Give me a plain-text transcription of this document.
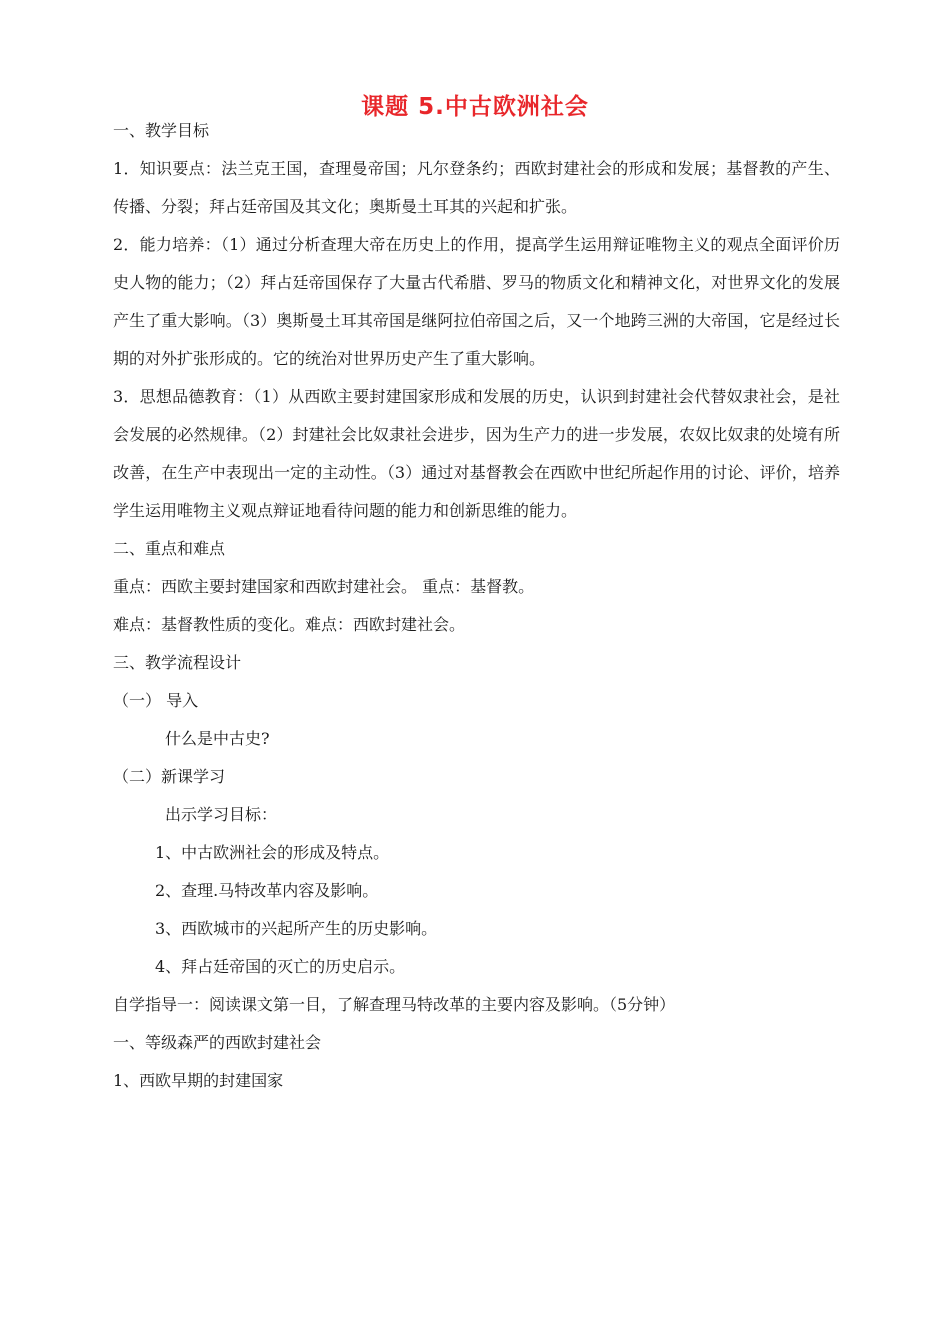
课题 5.中古欧洲社会
一、教学目标

1．知识要点：法兰克王国，查理曼帝国；凡尔登条约；西欧封建社会的形成和发展；基督教的产生、传播、分裂；拜占廷帝国及其文化；奥斯曼土耳其的兴起和扩张。

2．能力培养：（1）通过分析查理大帝在历史上的作用，提高学生运用辩证唯物主义的观点全面评价历史人物的能力；（2）拜占廷帝国保存了大量古代希腊、罗马的物质文化和精神文化，对世界文化的发展产生了重大影响。（3）奥斯曼土耳其帝国是继阿拉伯帝国之后，又一个地跨三洲的大帝国，它是经过长期的对外扩张形成的。它的统治对世界历史产生了重大影响。

3．思想品德教育：（1）从西欧主要封建国家形成和发展的历史，认识到封建社会代替奴隶社会，是社会发展的必然规律。（2）封建社会比奴隶社会进步，因为生产力的进一步发展，农奴比奴隶的处境有所改善，在生产中表现出一定的主动性。（3）通过对基督教会在西欧中世纪所起作用的讨论、评价，培养学生运用唯物主义观点辩证地看待问题的能力和创新思维的能力。

二、重点和难点
重点：西欧主要封建国家和西欧封建社会。 重点：基督教。
难点：基督教性质的变化。难点：西欧封建社会。
三、教学流程设计
（一） 导入
什么是中古史?
（二）新课学习
出示学习目标：
1、中古欧洲社会的形成及特点。
2、查理.马特改革内容及影响。
3、西欧城市的兴起所产生的历史影响。
4、拜占廷帝国的灭亡的历史启示。
自学指导一：阅读课文第一目，了解查理马特改革的主要内容及影响。（5分钟）
一、等级森严的西欧封建社会
1、西欧早期的封建国家
